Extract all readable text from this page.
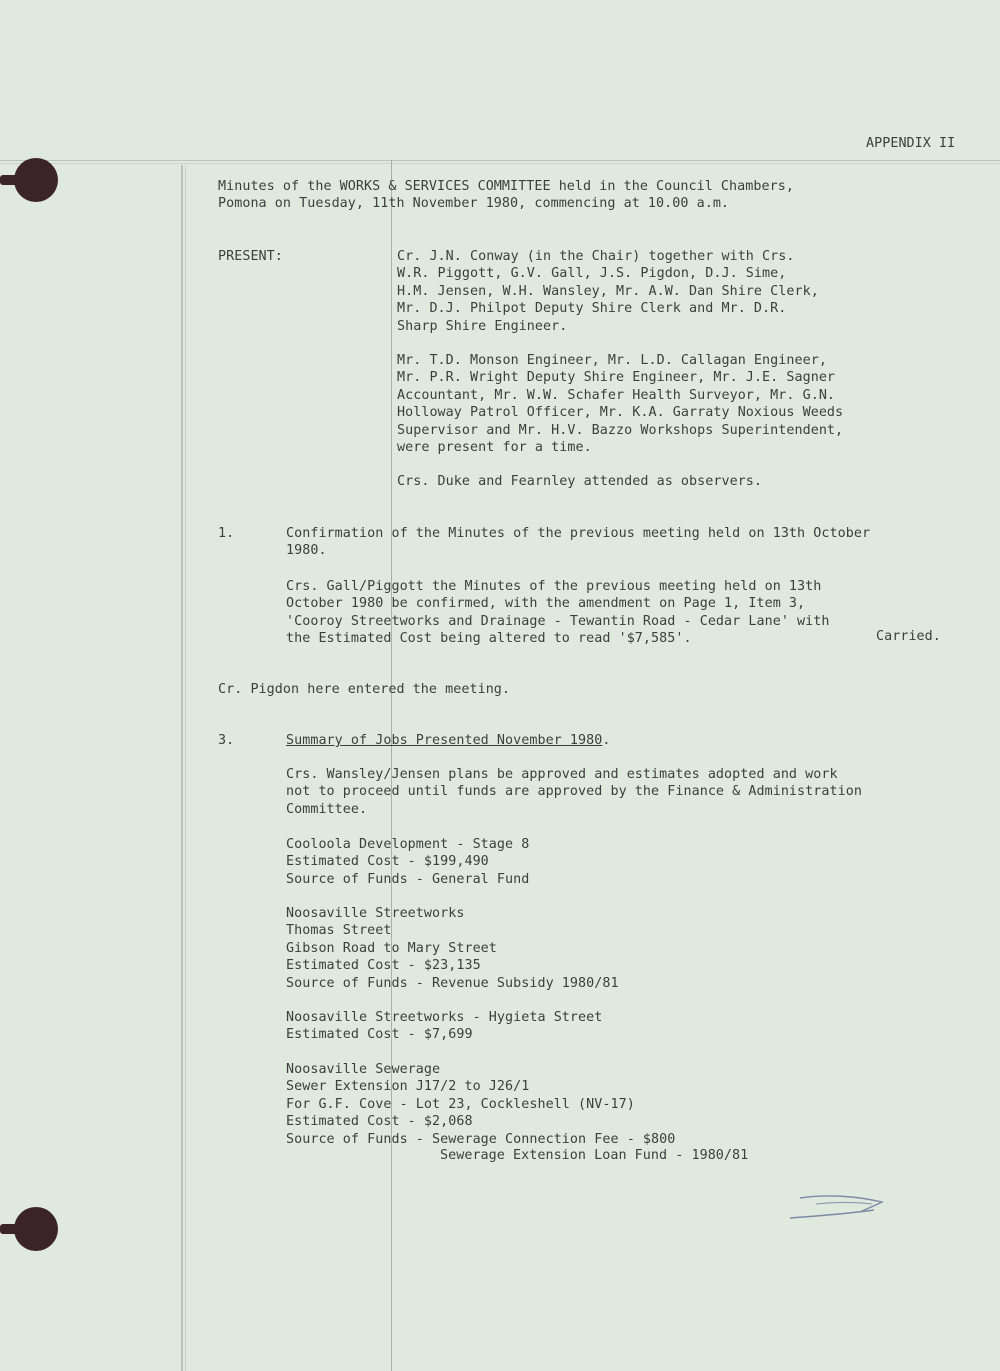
APPENDIX II
Minutes of the WORKS & SERVICES COMMITTEE held in the Council Chambers,
Pomona on Tuesday, 11th November 1980, commencing at 10.00 a.m.
PRESENT:	Cr. J.N. Conway (in the Chair) together with Crs.
W.R. Piggott, G.V. Gall, J.S. Pigdon, D.J. Sime,
H.M. Jensen, W.H. Wansley, Mr. A.W. Dan Shire Clerk,
Mr. D.J. Philpot Deputy Shire Clerk and Mr. D.R.
Sharp Shire Engineer.
Mr. T.D. Monson Engineer, Mr. L.D. Callagan Engineer,
Mr. P.R. Wright Deputy Shire Engineer, Mr. J.E. Sagner
Accountant, Mr. W.W. Schafer Health Surveyor, Mr. G.N.
Holloway Patrol Officer, Mr. K.A. Garraty Noxious Weeds
Supervisor and Mr. H.V. Bazzo Workshops Superintendent,
were present for a time.
Crs. Duke and Fearnley attended as observers.
1.	Confirmation of the Minutes of the previous meeting held on 13th October
1980.
Crs. Gall/Piggott the Minutes of the previous meeting held on 13th
October 1980 be confirmed, with the amendment on Page 1, Item 3,
'Cooroy Streetworks and Drainage - Tewantin Road - Cedar Lane' with
the Estimated Cost being altered to read '$7,585'.	Carried.
Cr. Pigdon here entered the meeting.
3.	Summary of Jobs Presented November 1980.
Crs. Wansley/Jensen plans be approved and estimates adopted and work
not to proceed until funds are approved by the Finance & Administration
Committee.
Cooloola Development - Stage 8
Estimated Cost - $199,490
Source of Funds - General Fund
Noosaville Streetworks
Thomas Street
Gibson Road to Mary Street
Estimated Cost - $23,135
Source of Funds - Revenue Subsidy 1980/81
Noosaville Streetworks - Hygieta Street
Estimated Cost - $7,699
Noosaville Sewerage
Sewer Extension J17/2 to J26/1
For G.F. Cove - Lot 23, Cockleshell (NV-17)
Estimated Cost - $2,068
Source of Funds - Sewerage Connection Fee - $800
Sewerage Extension Loan Fund - 1980/81
